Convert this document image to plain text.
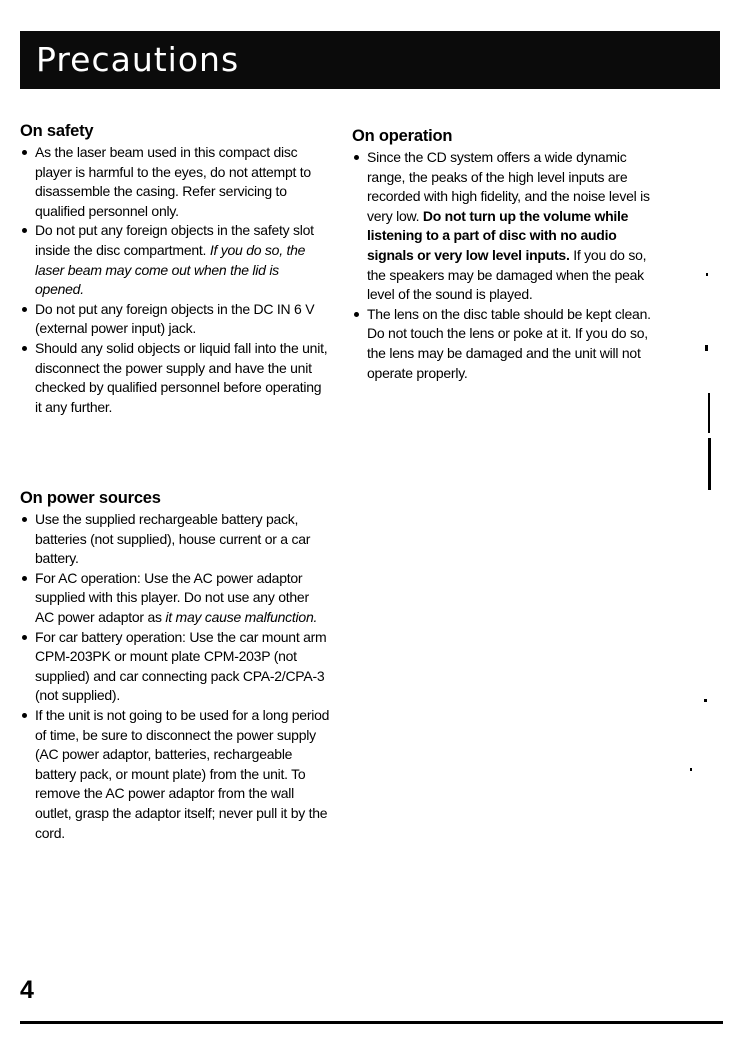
Precautions
On safety
As the laser beam used in this compact disc player is harmful to the eyes, do not attempt to disassemble the casing. Refer servicing to qualified personnel only.
Do not put any foreign objects in the safety slot inside the disc compartment. If you do so, the laser beam may come out when the lid is opened.
Do not put any foreign objects in the DC IN 6 V (external power input) jack.
Should any solid objects or liquid fall into the unit, disconnect the power supply and have the unit checked by qualified personnel before operating it any further.
On power sources
Use the supplied rechargeable battery pack, batteries (not supplied), house current or a car battery.
For AC operation: Use the AC power adaptor supplied with this player. Do not use any other AC power adaptor as it may cause malfunction.
For car battery operation: Use the car mount arm CPM-203PK or mount plate CPM-203P (not supplied) and car connecting pack CPA-2/CPA-3 (not supplied).
If the unit is not going to be used for a long period of time, be sure to disconnect the power supply (AC power adaptor, batteries, rechargeable battery pack, or mount plate) from the unit. To remove the AC power adaptor from the wall outlet, grasp the adaptor itself; never pull it by the cord.
On operation
Since the CD system offers a wide dynamic range, the peaks of the high level inputs are recorded with high fidelity, and the noise level is very low. Do not turn up the volume while listening to a part of disc with no audio signals or very low level inputs. If you do so, the speakers may be damaged when the peak level of the sound is played.
The lens on the disc table should be kept clean. Do not touch the lens or poke at it. If you do so, the lens may be damaged and the unit will not operate properly.
4
